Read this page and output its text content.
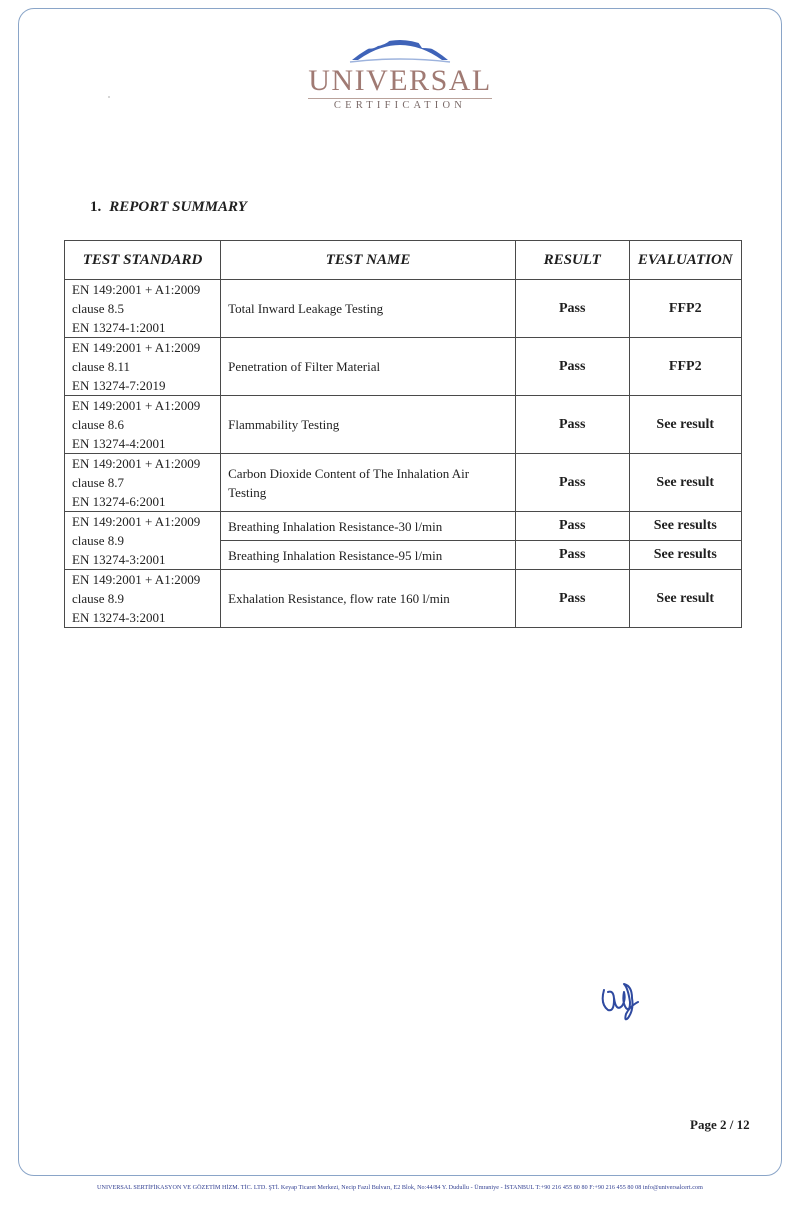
UNIVERSAL
CERTIFICATION
1. REPORT SUMMARY
TEST STANDARD	TEST NAME	RESULT	EVALUATION

EN 149:2001 + A1:2009
clause 8.5
EN 13274-1:2001	Total Inward Leakage Testing	Pass	FFP2

EN 149:2001 + A1:2009
clause 8.11
EN 13274-7:2019	Penetration of Filter Material	Pass	FFP2

EN 149:2001 + A1:2009
clause 8.6
EN 13274-4:2001	Flammability Testing	Pass	See result

EN 149:2001 + A1:2009
clause 8.7
EN 13274-6:2001	Carbon Dioxide Content of The Inhalation Air Testing	Pass	See result

EN 149:2001 + A1:2009
clause 8.9
EN 13274-3:2001	Breathing Inhalation Resistance-30 l/min	Pass	See results
	Breathing Inhalation Resistance-95 l/min	Pass	See results

EN 149:2001 + A1:2009
clause 8.9
EN 13274-3:2001	Exhalation Resistance, flow rate 160 l/min	Pass	See result
Page 2 / 12
UNIVERSAL SERTİFİKASYON VE GÖZETİM HİZM. TİC. LTD. ŞTİ. Keyap Ticaret Merkezi, Necip Fazıl Bulvarı, E2 Blok, No:44/84 Y. Dudullu - Ümraniye - İSTANBUL T:+90 216 455 80 80 F:+90 216 455 80 08 info@universalcert.com
